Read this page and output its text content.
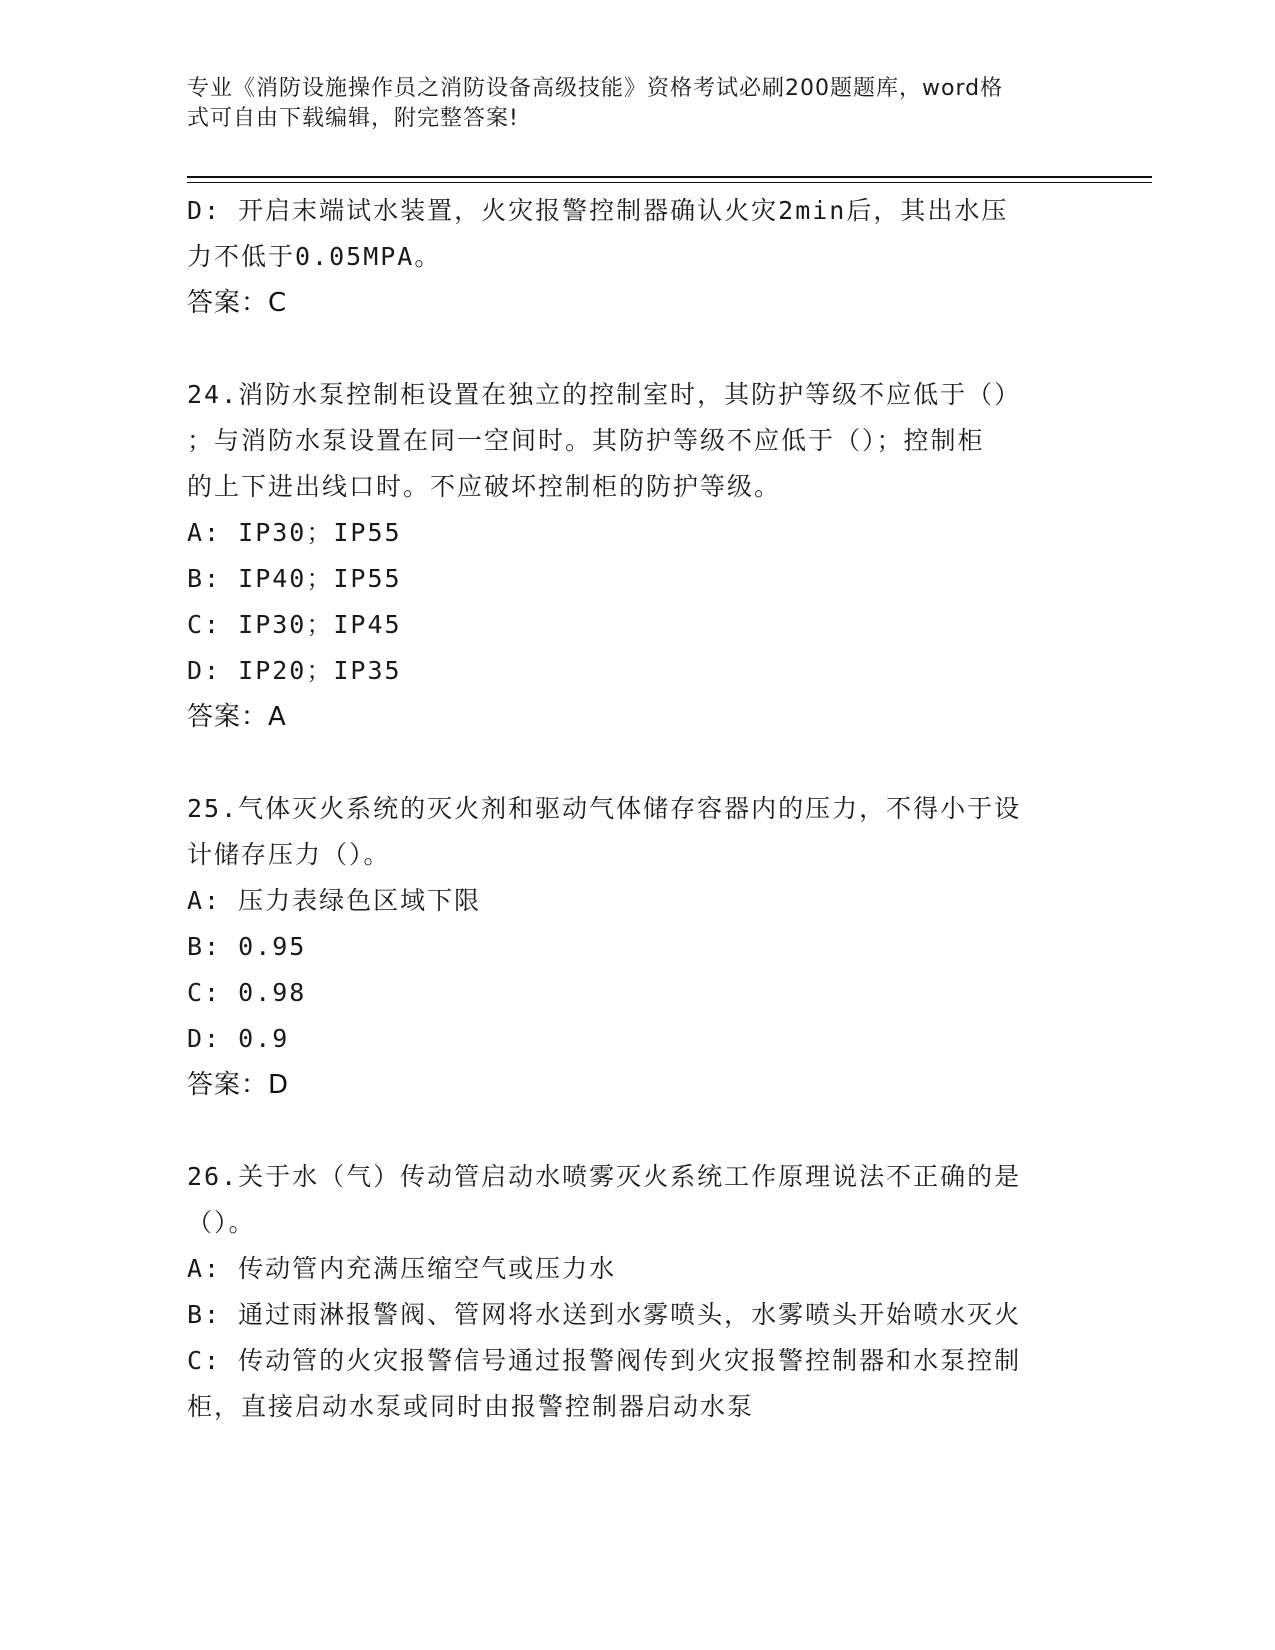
专业《消防设施操作员之消防设备高级技能》资格考试必刷200题题库，word格
式可自由下载编辑，附完整答案!
D: 开启末端试水装置，火灾报警控制器确认火灾2min后，其出水压
力不低于0.05MPA。
答案：C
24.消防水泵控制柜设置在独立的控制室时，其防护等级不应低于（）
；与消防水泵设置在同一空间时。其防护等级不应低于（）；控制柜
的上下进出线口时。不应破坏控制柜的防护等级。
A: IP30；IP55
B: IP40；IP55
C: IP30；IP45
D: IP20；IP35
答案：A
25.气体灭火系统的灭火剂和驱动气体储存容器内的压力，不得小于设
计储存压力（）。
A: 压力表绿色区域下限
B: 0.95
C: 0.98
D: 0.9
答案：D
26.关于水（气）传动管启动水喷雾灭火系统工作原理说法不正确的是
（）。
A: 传动管内充满压缩空气或压力水
B: 通过雨淋报警阀、管网将水送到水雾喷头，水雾喷头开始喷水灭火
C: 传动管的火灾报警信号通过报警阀传到火灾报警控制器和水泵控制
柜，直接启动水泵或同时由报警控制器启动水泵
